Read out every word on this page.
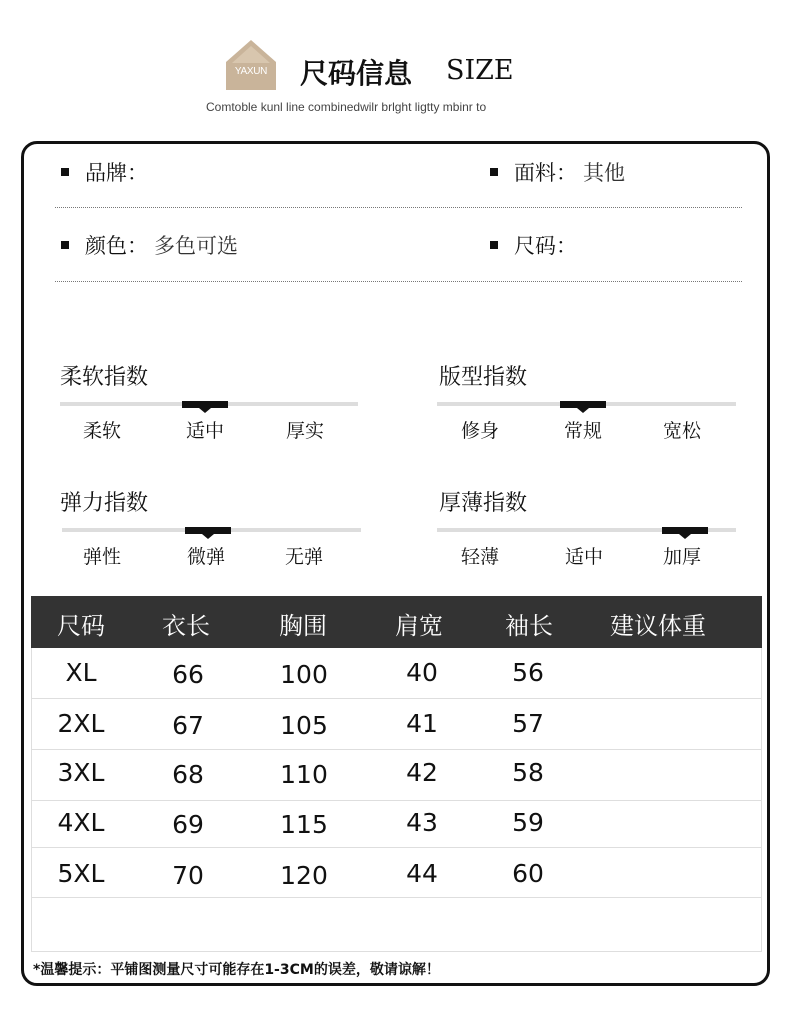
YAXUN	尺码信息 SIZE
Comtoble kunl line combinedwilr brlght ligtty mbinr to
品牌：	面料： 其他
颜色： 多色可选	尺码：
柔软指数
柔软	适中	厚实
版型指数
修身	常规	宽松
弹力指数
弹性	微弹	无弹
厚薄指数
轻薄	适中	加厚
尺码	衣长	胸围	肩宽	袖长	建议体重
XL	66	100	40	56
2XL	67	105	41	57
3XL	68	110	42	58
4XL	69	115	43	59
5XL	70	120	44	60
*温馨提示：平铺图测量尺寸可能存在1-3CM的误差，敬请谅解！
